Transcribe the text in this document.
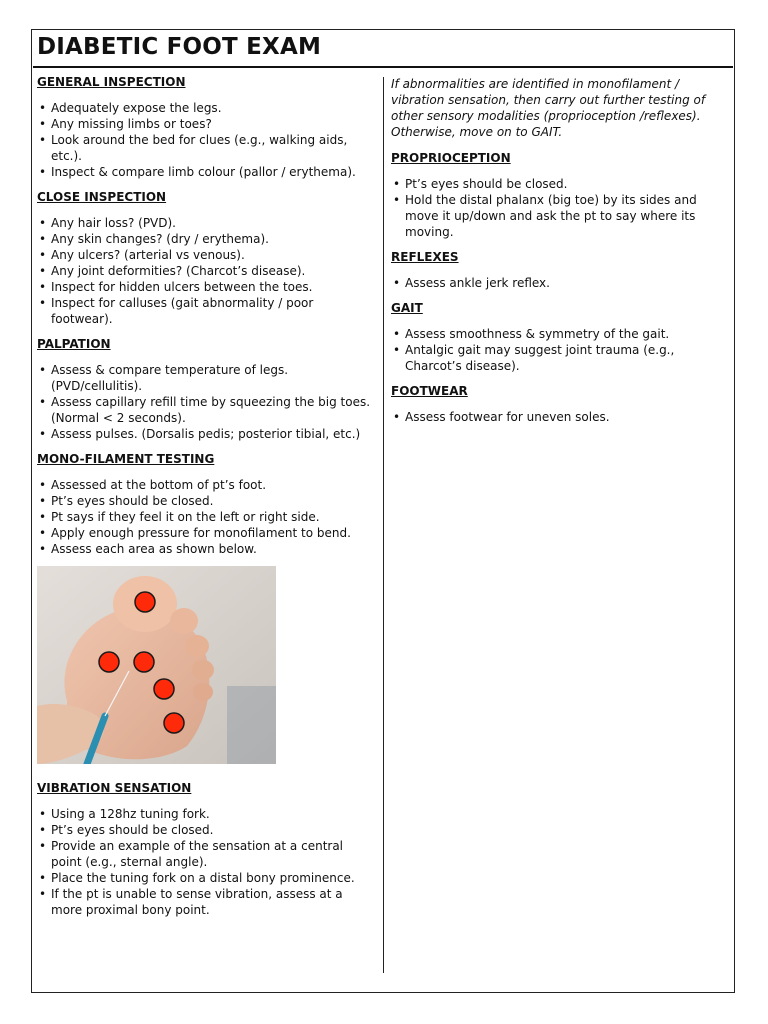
DIABETIC FOOT EXAM

GENERAL INSPECTION

• Adequately expose the legs.
• Any missing limbs or toes?
• Look around the bed for clues (e.g., walking aids, etc.).
• Inspect & compare limb colour (pallor / erythema).

CLOSE INSPECTION

• Any hair loss? (PVD).
• Any skin changes? (dry / erythema).
• Any ulcers? (arterial vs venous).
• Any joint deformities? (Charcot’s disease).
• Inspect for hidden ulcers between the toes.
• Inspect for calluses (gait abnormality / poor footwear).

PALPATION

• Assess & compare temperature of legs. (PVD/cellulitis).
• Assess capillary refill time by squeezing the big toes. (Normal < 2 seconds).
• Assess pulses. (Dorsalis pedis; posterior tibial, etc.)

MONO-FILAMENT TESTING

• Assessed at the bottom of pt’s foot.
• Pt’s eyes should be closed.
• Pt says if they feel it on the left or right side.
• Apply enough pressure for monofilament to bend.
• Assess each area as shown below.

VIBRATION SENSATION

• Using a 128hz tuning fork.
• Pt’s eyes should be closed.
• Provide an example of the sensation at a central point (e.g., sternal angle).
• Place the tuning fork on a distal bony prominence.
• If the pt is unable to sense vibration, assess at a more proximal bony point.

If abnormalities are identified in monofilament / vibration sensation, then carry out further testing of other sensory modalities (proprioception /reflexes). Otherwise, move on to GAIT.

PROPRIOCEPTION

• Pt’s eyes should be closed.
• Hold the distal phalanx (big toe) by its sides and move it up/down and ask the pt to say where its moving.

REFLEXES

• Assess ankle jerk reflex.

GAIT

• Assess smoothness & symmetry of the gait.
• Antalgic gait may suggest joint trauma (e.g., Charcot’s disease).

FOOTWEAR

• Assess footwear for uneven soles.
